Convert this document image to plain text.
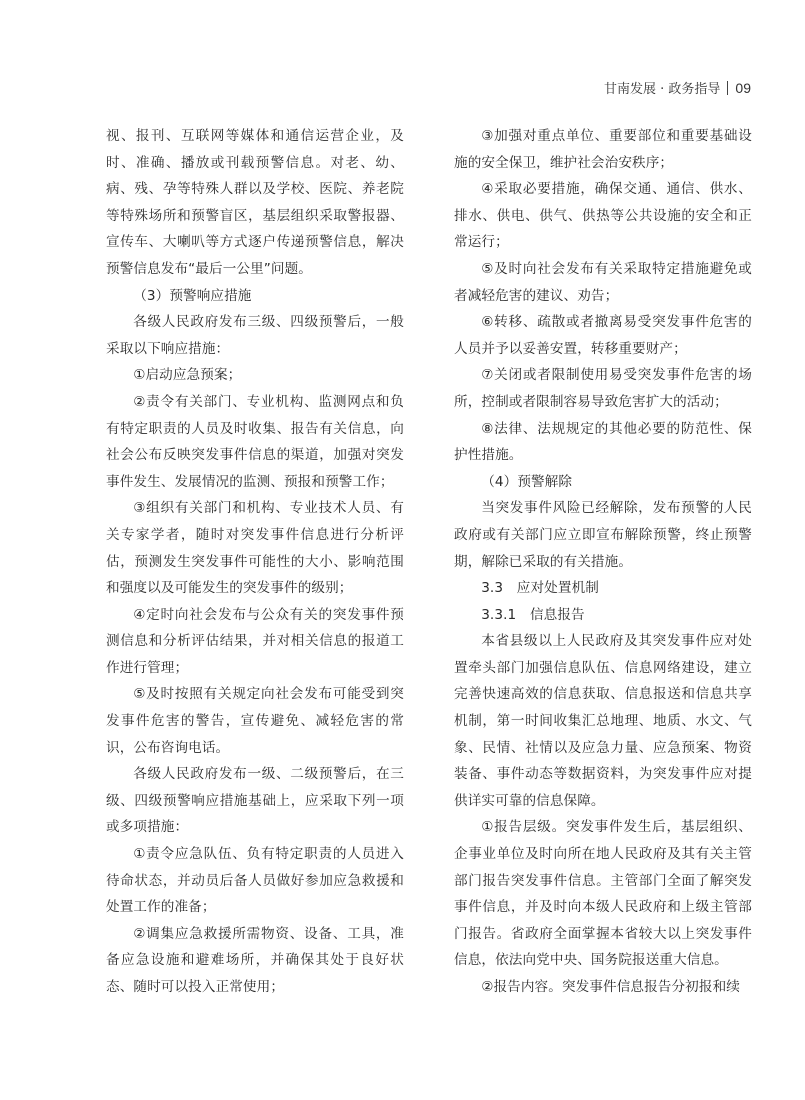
甘南发展 · 政务指导 09

视、报刊、互联网等媒体和通信运营企业，及时、准确、播放或刊载预警信息。对老、幼、病、残、孕等特殊人群以及学校、医院、养老院等特殊场所和预警盲区，基层组织采取警报器、宣传车、大喇叭等方式逐户传递预警信息，解决预警信息发布“最后一公里”问题。

（3）预警响应措施

各级人民政府发布三级、四级预警后，一般采取以下响应措施：

①启动应急预案；

②责令有关部门、专业机构、监测网点和负有特定职责的人员及时收集、报告有关信息，向社会公布反映突发事件信息的渠道，加强对突发事件发生、发展情况的监测、预报和预警工作；

③组织有关部门和机构、专业技术人员、有关专家学者，随时对突发事件信息进行分析评估，预测发生突发事件可能性的大小、影响范围和强度以及可能发生的突发事件的级别；

④定时向社会发布与公众有关的突发事件预测信息和分析评估结果，并对相关信息的报道工作进行管理；

⑤及时按照有关规定向社会发布可能受到突发事件危害的警告，宣传避免、减轻危害的常识，公布咨询电话。

各级人民政府发布一级、二级预警后，在三级、四级预警响应措施基础上，应采取下列一项或多项措施：

①责令应急队伍、负有特定职责的人员进入待命状态，并动员后备人员做好参加应急救援和处置工作的准备；

②调集应急救援所需物资、设备、工具，准备应急设施和避难场所，并确保其处于良好状态、随时可以投入正常使用；

③加强对重点单位、重要部位和重要基础设施的安全保卫，维护社会治安秩序；

④采取必要措施，确保交通、通信、供水、排水、供电、供气、供热等公共设施的安全和正常运行；

⑤及时向社会发布有关采取特定措施避免或者减轻危害的建议、劝告；

⑥转移、疏散或者撤离易受突发事件危害的人员并予以妥善安置，转移重要财产；

⑦关闭或者限制使用易受突发事件危害的场所，控制或者限制容易导致危害扩大的活动；

⑧法律、法规规定的其他必要的防范性、保护性措施。

（4）预警解除

当突发事件风险已经解除，发布预警的人民政府或有关部门应立即宣布解除预警，终止预警期，解除已采取的有关措施。

3.3　应对处置机制

3.3.1　信息报告

本省县级以上人民政府及其突发事件应对处置牵头部门加强信息队伍、信息网络建设，建立完善快速高效的信息获取、信息报送和信息共享机制，第一时间收集汇总地理、地质、水文、气象、民情、社情以及应急力量、应急预案、物资装备、事件动态等数据资料，为突发事件应对提供详实可靠的信息保障。

①报告层级。突发事件发生后，基层组织、企事业单位及时向所在地人民政府及其有关主管部门报告突发事件信息。主管部门全面了解突发事件信息，并及时向本级人民政府和上级主管部门报告。省政府全面掌握本省较大以上突发事件信息，依法向党中央、国务院报送重大信息。

②报告内容。突发事件信息报告分初报和续
